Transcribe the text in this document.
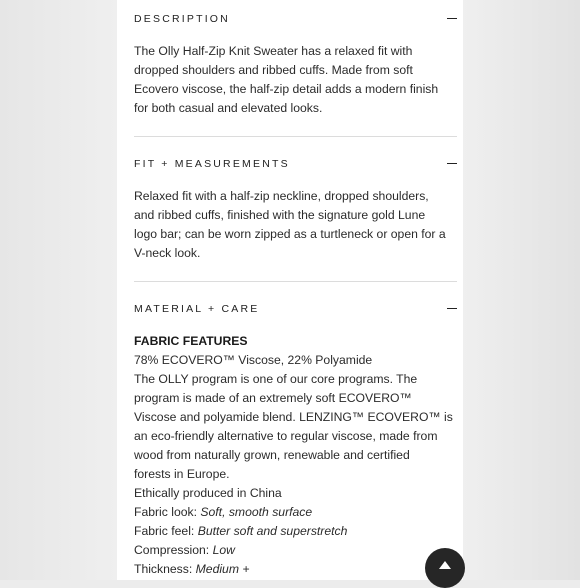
DESCRIPTION
The Olly Half-Zip Knit Sweater has a relaxed fit with
dropped shoulders and ribbed cuffs. Made from soft
Ecovero viscose, the half-zip detail adds a modern finish
for both casual and elevated looks.
FIT + MEASUREMENTS
Relaxed fit with a half-zip neckline, dropped shoulders,
and ribbed cuffs, finished with the signature gold Lune
logo bar; can be worn zipped as a turtleneck or open for a
V-neck look.
MATERIAL + CARE
FABRIC FEATURES
78% ECOVERO™ Viscose, 22% Polyamide
The OLLY program is one of our core programs. The
program is made of an extremely soft ECOVERO™
Viscose and polyamide blend. LENZING™ ECOVERO™ is
an eco-friendly alternative to regular viscose, made from
wood from naturally grown, renewable and certified
forests in Europe.
Ethically produced in China
Fabric look: Soft, smooth surface
Fabric feel: Butter soft and superstretch
Compression: Low
Thickness: Medium +
